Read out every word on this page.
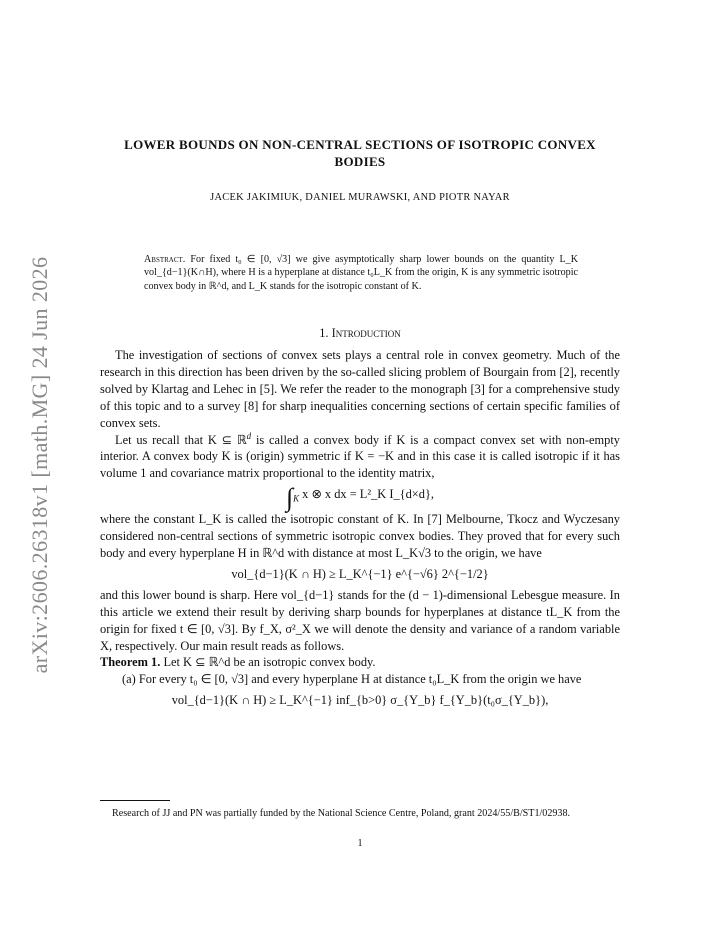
arXiv:2606.26318v1 [math.MG] 24 Jun 2026
LOWER BOUNDS ON NON-CENTRAL SECTIONS OF ISOTROPIC CONVEX BODIES
JACEK JAKIMIUK, DANIEL MURAWSKI, AND PIOTR NAYAR
Abstract. For fixed t₀ ∈ [0, √3] we give asymptotically sharp lower bounds on the quantity L_K vol_{d−1}(K∩H), where H is a hyperplane at distance t₀L_K from the origin, K is any symmetric isotropic convex body in ℝ^d, and L_K stands for the isotropic constant of K.
1. Introduction

The investigation of sections of convex sets plays a central role in convex geometry. Much of the research in this direction has been driven by the so-called slicing problem of Bourgain from [2], recently solved by Klartag and Lehec in [5]. We refer the reader to the monograph [3] for a comprehensive study of this topic and to a survey [8] for sharp inequalities concerning sections of certain specific families of convex sets.

Let us recall that K ⊆ ℝ$^d$ is called a convex body if K is a compact convex set with non-empty interior. A convex body K is (origin) symmetric if K = −K and in this case it is called isotropic if it has volume 1 and covariance matrix proportional to the identity matrix,

$\int_K$ x ⊗ x dx = L²_K I_{d×d},

where the constant L_K is called the isotropic constant of K. In [7] Melbourne, Tkocz and Wyczesany considered non-central sections of symmetric isotropic convex bodies. They proved that for every such body and every hyperplane H in ℝ^d with distance at most L_K√3 to the origin, we have

vol_{d−1}(K ∩ H) ≥ L_K^{−1} e^{−√6} 2^{−1/2}

and this lower bound is sharp. Here vol_{d−1} stands for the (d − 1)-dimensional Lebesgue measure. In this article we extend their result by deriving sharp bounds for hyperplanes at distance tL_K from the origin for fixed t ∈ [0, √3]. By f_X, σ²_X we will denote the density and variance of a random variable X, respectively. Our main result reads as follows.

Theorem 1. Let K ⊆ ℝ^d be an isotropic convex body.

(a) For every t₀ ∈ [0, √3] and every hyperplane H at distance t₀L_K from the origin we have

vol_{d−1}(K ∩ H) ≥ L_K^{−1} inf_{b>0} σ_{Y_b} f_{Y_b}(t₀σ_{Y_b}),
Research of JJ and PN was partially funded by the National Science Centre, Poland, grant 2024/55/B/ST1/02938.
1
